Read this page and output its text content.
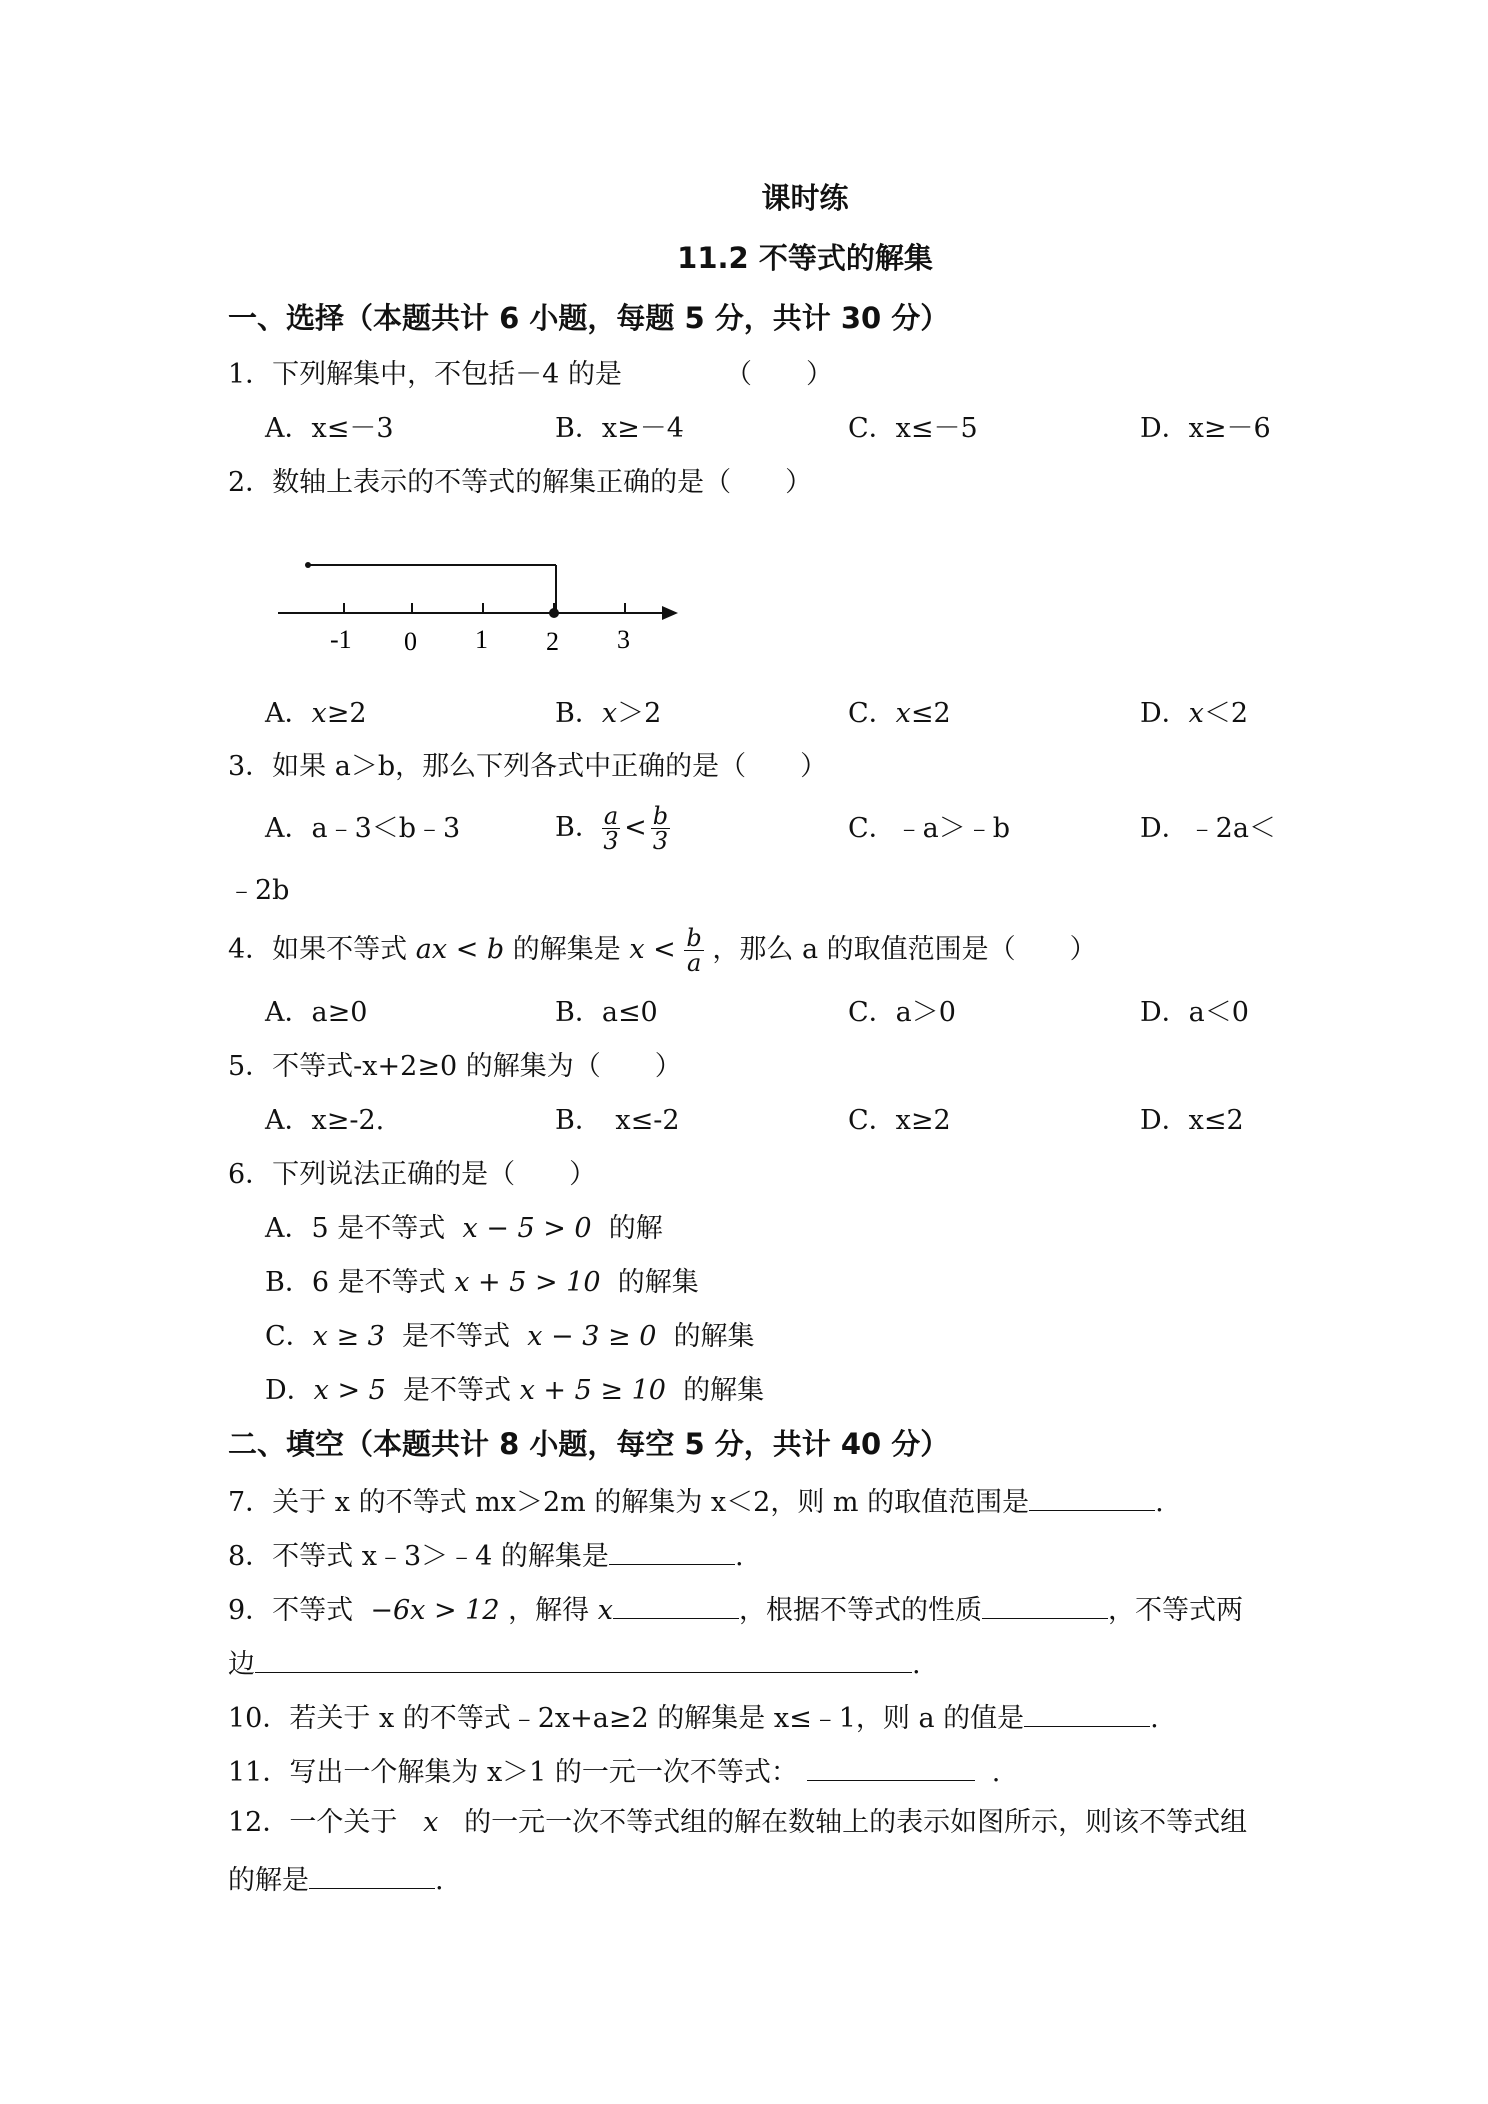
课时练
11.2 不等式的解集
一、选择（本题共计 6 小题，每题 5 分，共计 30 分）
1．下列解集中，不包括－4 的是	（　　）
A．x≤－3	B．x≥－4	C．x≤－5	D．x≥－6
2．数轴上表示的不等式的解集正确的是（　　）
-1 0 1 2 3
A．x≥2	B．x＞2	C．x≤2	D．x＜2
3．如果 a＞b，那么下列各式中正确的是（　　）
A．a﹣3＜b﹣3	B． $\frac{a}{3} < \frac{b}{3}$	C．﹣a＞﹣b	D．﹣2a＜
﹣2b
4．如果不等式 ax < b 的解集是 $x < \frac{b}{a}$ ，那么 a 的取值范围是（　　）
A．a≥0	B．a≤0	C．a＞0	D．a＜0
5．不等式-x+2≥0 的解集为（　　）
A．x≥-2.	B．　x≤-2	C．x≥2	D．x≤2
6．下列说法正确的是（　　）
A．5 是不等式 x − 5 > 0 的解
B．6 是不等式 x + 5 > 10 的解集
C．x ≥ 3 是不等式 x − 3 ≥ 0 的解集
D．x > 5 是不等式 x + 5 ≥ 10 的解集
二、填空（本题共计 8 小题，每空 5 分，共计 40 分）
7．关于 x 的不等式 mx＞2m 的解集为 x＜2，则 m 的取值范围是	.
8．不等式 x﹣3＞﹣4 的解集是	.
9．不等式 −6x > 12 ，解得 x	，根据不等式的性质	，不等式两
边	.
10．若关于 x 的不等式﹣2x+a≥2 的解集是 x≤﹣1，则 a 的值是	.
11．写出一个解集为 x＞1 的一元一次不等式：	.
12．一个关于 x 的一元一次不等式组的解在数轴上的表示如图所示，则该不等式组
的解是	.
